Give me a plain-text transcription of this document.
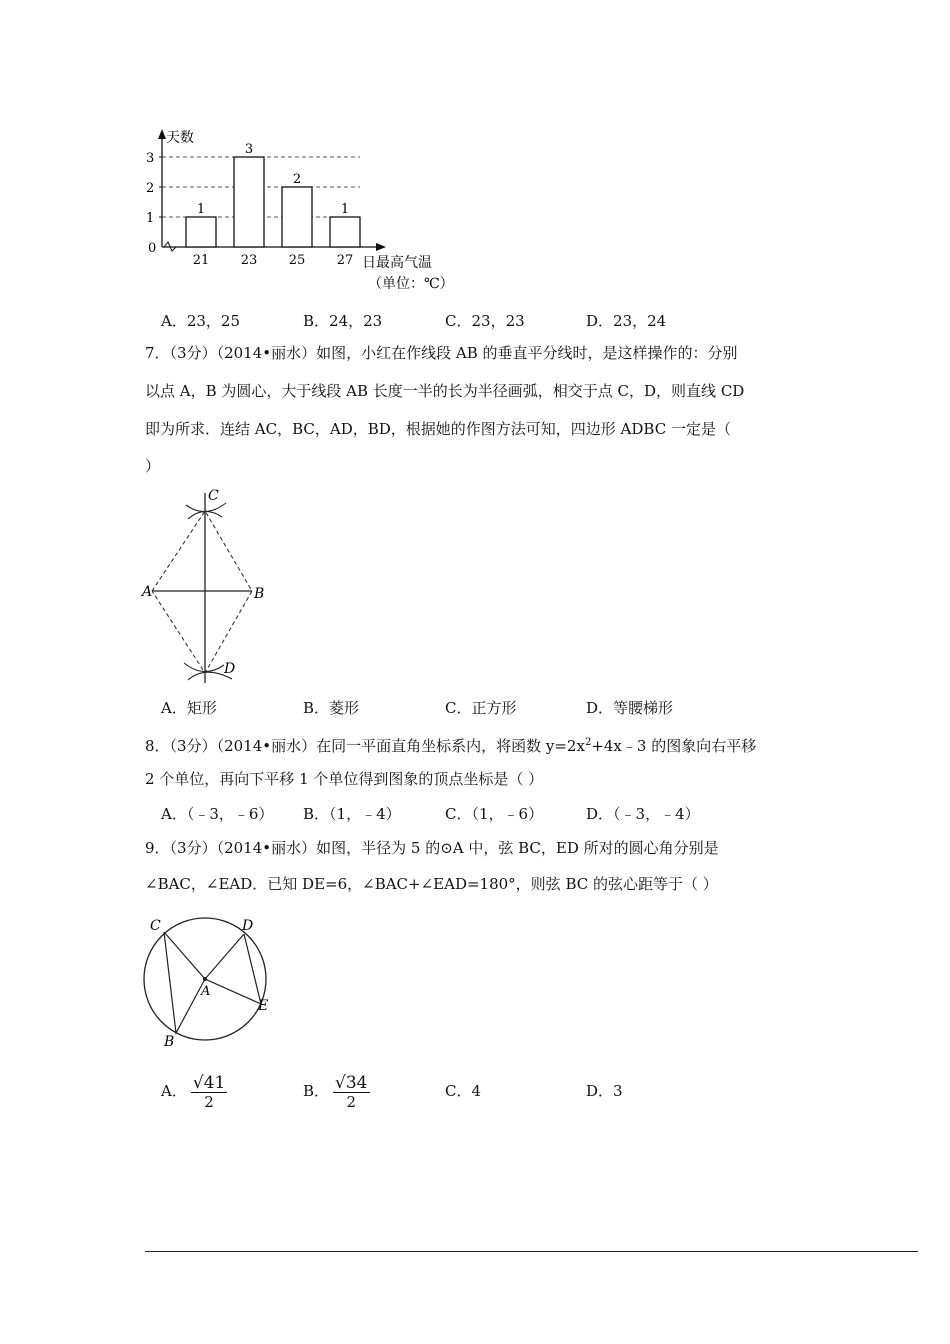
0
1
2
3
1
21
3
23
2
25
1
27
天数
日最高气温
（单位：℃）
A．23，25	B．24，23	C．23，23	D．23，24
7．（3分）（2014•丽水）如图，小红在作线段 AB 的垂直平分线时，是这样操作的：分别
以点 A，B 为圆心，大于线段 AB 长度一半的长为半径画弧，相交于点 C，D，则直线 CD
即为所求．连结 AC，BC，AD，BD，根据她的作图方法可知，四边形 ADBC 一定是（
）
C
A	B
D
A．矩形	B．菱形	C．正方形	D．等腰梯形
8．（3分）（2014•丽水）在同一平面直角坐标系内，将函数 $y=2x^2+4x﹣3$ 的图象向右平移
2 个单位，再向下平移 1 个单位得到图象的顶点坐标是（ ）
A．（﹣3，﹣6） B．（1，﹣4）	C．（1，﹣6）	D．（﹣3，﹣4）
9．（3分）（2014•丽水）如图，半径为 5 的⊙A 中，弦 BC，ED 所对的圆心角分别是
∠BAC，∠EAD．已知 DE=6，∠BAC+∠EAD=180°，则弦 BC 的弦心距等于（ ）
C	D
A
E
B
A． $\frac{√41}{2}$	B． $\frac{√34}{2}$	C．4	D．3
